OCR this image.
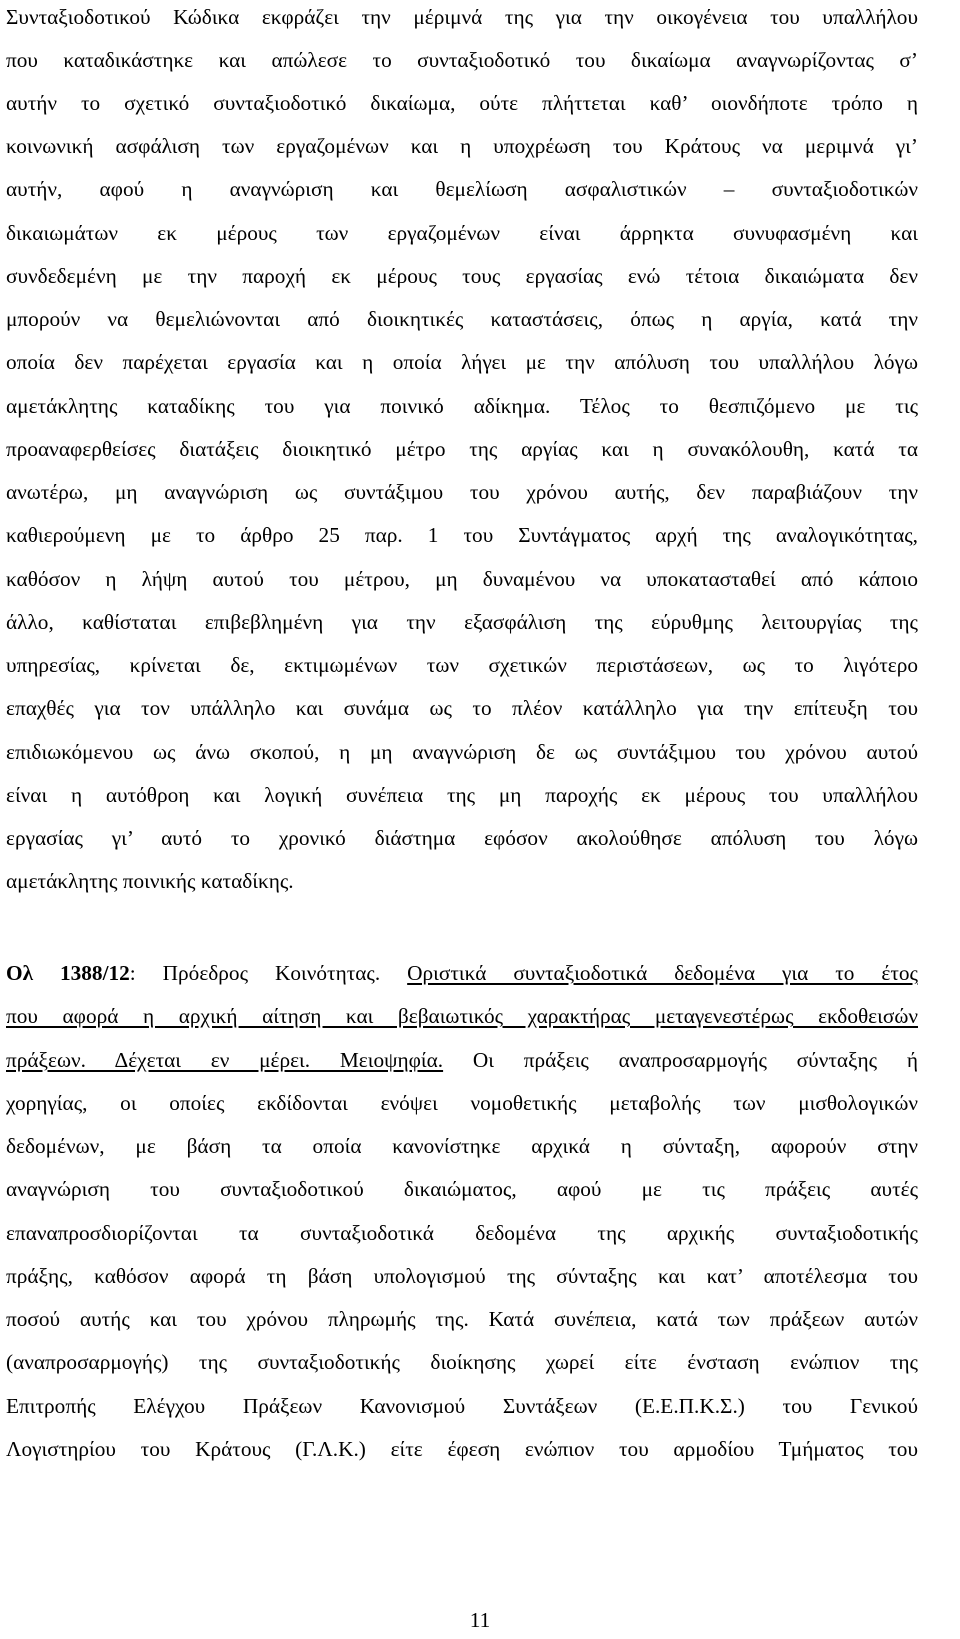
Συνταξιοδοτικού Κώδικα εκφράζει την μέριμνά της για την οικογένεια του υπαλλήλου
που καταδικάστηκε και απώλεσε το συνταξιοδοτικό του δικαίωμα αναγνωρίζοντας σ’
αυτήν το σχετικό συνταξιοδοτικό δικαίωμα, ούτε πλήττεται καθ’ οιονδήποτε τρόπο η
κοινωνική ασφάλιση των εργαζομένων και η υποχρέωση του Κράτους να μεριμνά γι’
αυτήν, αφού η αναγνώριση και θεμελίωση ασφαλιστικών – συνταξιοδοτικών
δικαιωμάτων εκ μέρους των εργαζομένων είναι άρρηκτα συνυφασμένη και
συνδεδεμένη με την παροχή εκ μέρους τους εργασίας ενώ τέτοια δικαιώματα δεν
μπορούν να θεμελιώνονται από διοικητικές καταστάσεις, όπως η αργία, κατά την
οποία δεν παρέχεται εργασία και η οποία λήγει με την απόλυση του υπαλλήλου λόγω
αμετάκλητης καταδίκης του για ποινικό αδίκημα. Τέλος το θεσπιζόμενο με τις
προαναφερθείσες διατάξεις διοικητικό μέτρο της αργίας και η συνακόλουθη, κατά τα
ανωτέρω, μη αναγνώριση ως συντάξιμου του χρόνου αυτής, δεν παραβιάζουν την
καθιερούμενη με το άρθρο 25 παρ. 1 του Συντάγματος αρχή της αναλογικότητας,
καθόσον η λήψη αυτού του μέτρου, μη δυναμένου να υποκατασταθεί από κάποιο
άλλο, καθίσταται επιβεβλημένη για την εξασφάλιση της εύρυθμης λειτουργίας της
υπηρεσίας, κρίνεται δε, εκτιμωμένων των σχετικών περιστάσεων, ως το λιγότερο
επαχθές για τον υπάλληλο και συνάμα ως το πλέον κατάλληλο για την επίτευξη του
επιδιωκόμενου ως άνω σκοπού, η μη αναγνώριση δε ως συντάξιμου του χρόνου αυτού
είναι η αυτόθροη και λογική συνέπεια της μη παροχής εκ μέρους του υπαλλήλου
εργασίας γι’ αυτό το χρονικό διάστημα εφόσον ακολούθησε απόλυση του λόγω
αμετάκλητης ποινικής καταδίκης.
Ολ 1388/12: Πρόεδρος Κοινότητας. Οριστικά συνταξιοδοτικά δεδομένα για το έτος
που αφορά η αρχική αίτηση και βεβαιωτικός χαρακτήρας μεταγενεστέρως εκδοθεισών
πράξεων. Δέχεται εν μέρει. Μειοψηφία. Οι πράξεις αναπροσαρμογής σύνταξης ή
χορηγίας, οι οποίες εκδίδονται ενόψει νομοθετικής μεταβολής των μισθολογικών
δεδομένων, με βάση τα οποία κανονίστηκε αρχικά η σύνταξη, αφορούν στην
αναγνώριση του συνταξιοδοτικού δικαιώματος, αφού με τις πράξεις αυτές
επαναπροσδιορίζονται τα συνταξιοδοτικά δεδομένα της αρχικής συνταξιοδοτικής
πράξης, καθόσον αφορά τη βάση υπολογισμού της σύνταξης και κατ’ αποτέλεσμα του
ποσού αυτής και του χρόνου πληρωμής της. Κατά συνέπεια, κατά των πράξεων αυτών
(αναπροσαρμογής) της συνταξιοδοτικής διοίκησης χωρεί είτε ένσταση ενώπιον της
Επιτροπής Ελέγχου Πράξεων Κανονισμού Συντάξεων (Ε.Ε.Π.Κ.Σ.) του Γενικού
Λογιστηρίου του Κράτους (Γ.Λ.Κ.) είτε έφεση ενώπιον του αρμοδίου Τμήματος του
11
